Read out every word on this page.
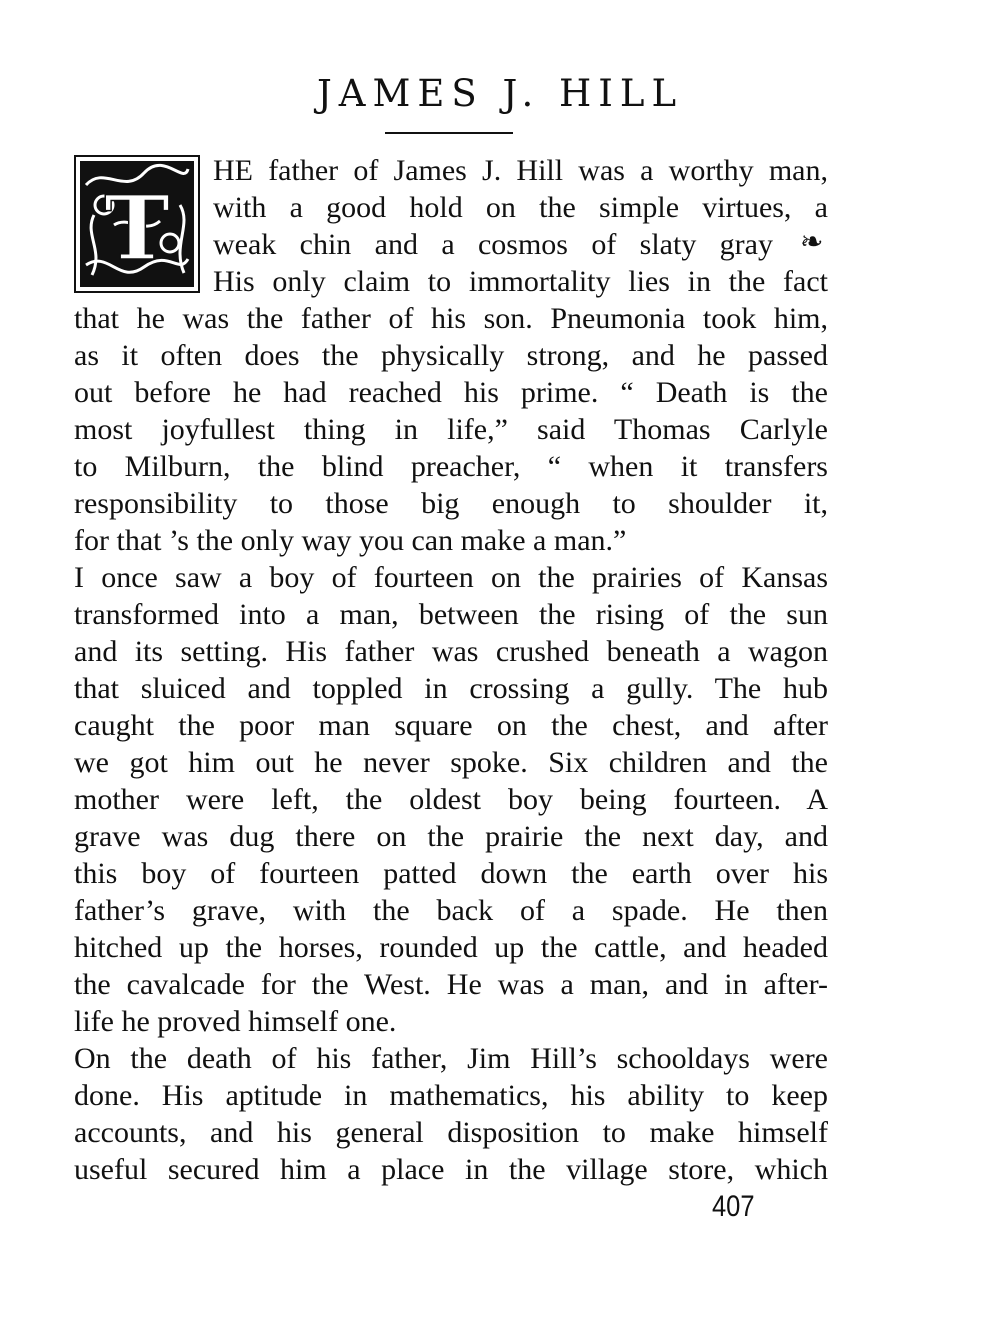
JAMES J. HILL
T
HE father of James J. Hill was a worthy man,
with a good hold on the simple virtues, a
weak chin and a cosmos of slaty gray ❧
His only claim to immortality lies in the fact
that he was the father of his son. Pneumonia took him,
as it often does the physically strong, and he passed
out before he had reached his prime. “ Death is the
most joyfullest thing in life,” said Thomas Carlyle
to Milburn, the blind preacher, “ when it transfers
responsibility to those big enough to shoulder it,
for that ’s the only way you can make a man.”
I once saw a boy of fourteen on the prairies of Kansas
transformed into a man, between the rising of the sun
and its setting. His father was crushed beneath a wagon
that sluiced and toppled in crossing a gully. The hub
caught the poor man square on the chest, and after
we got him out he never spoke. Six children and the
mother were left, the oldest boy being fourteen. A
grave was dug there on the prairie the next day, and
this boy of fourteen patted down the earth over his
father’s grave, with the back of a spade. He then
hitched up the horses, rounded up the cattle, and headed
the cavalcade for the West. He was a man, and in after-
life he proved himself one.
On the death of his father, Jim Hill’s schooldays were
done. His aptitude in mathematics, his ability to keep
accounts, and his general disposition to make himself
useful secured him a place in the village store, which
407
